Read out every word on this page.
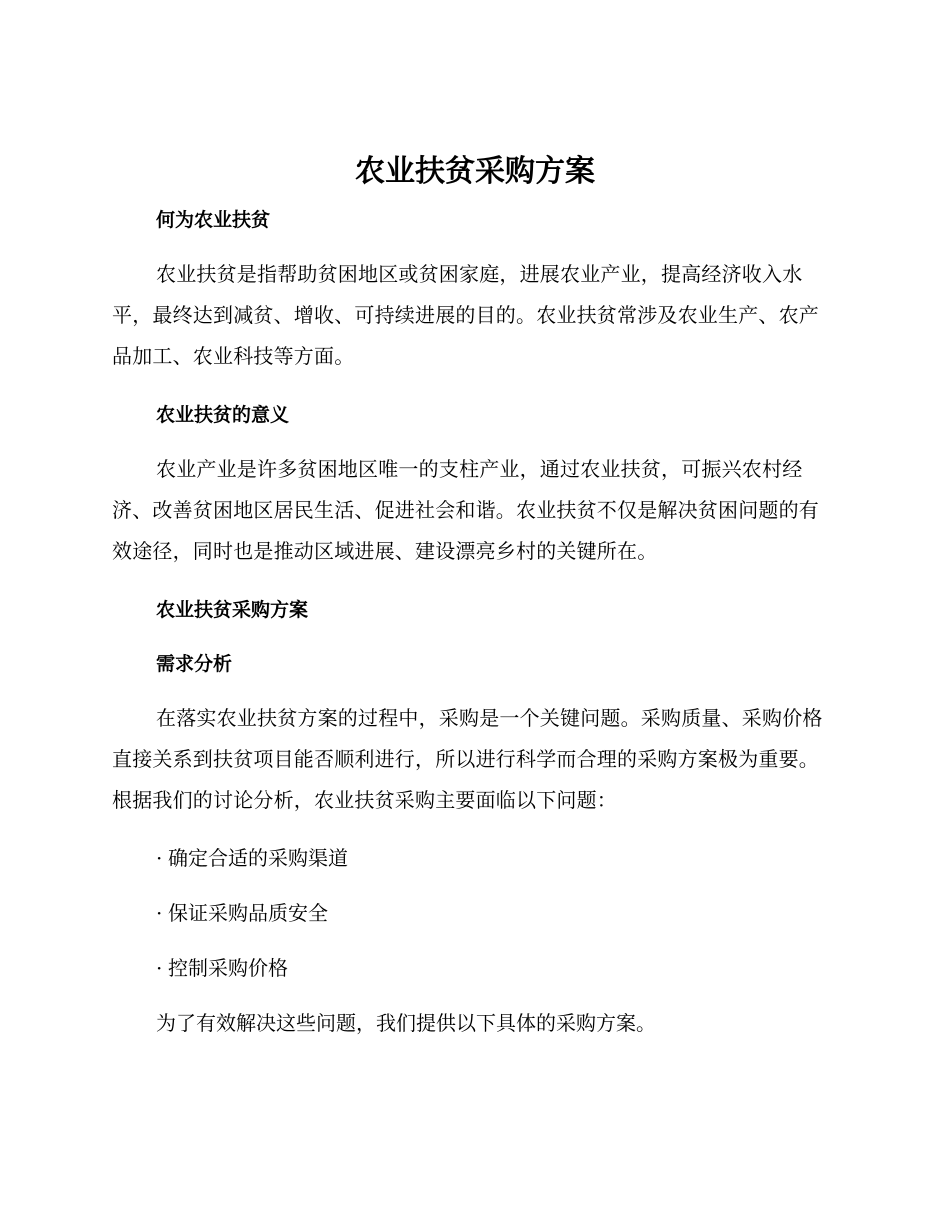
农业扶贫采购方案
何为农业扶贫

农业扶贫是指帮助贫困地区或贫困家庭，进展农业产业，提高经济收入水平，最终达到减贫、增收、可持续进展的目的。农业扶贫常涉及农业生产、农产品加工、农业科技等方面。

农业扶贫的意义

农业产业是许多贫困地区唯一的支柱产业，通过农业扶贫，可振兴农村经济、改善贫困地区居民生活、促进社会和谐。农业扶贫不仅是解决贫困问题的有效途径，同时也是推动区域进展、建设漂亮乡村的关键所在。

农业扶贫采购方案
需求分析

在落实农业扶贫方案的过程中，采购是一个关键问题。采购质量、采购价格直接关系到扶贫项目能否顺利进行，所以进行科学而合理的采购方案极为重要。根据我们的讨论分析，农业扶贫采购主要面临以下问题：

· 确定合适的采购渠道
· 保证采购品质安全
· 控制采购价格

为了有效解决这些问题，我们提供以下具体的采购方案。
